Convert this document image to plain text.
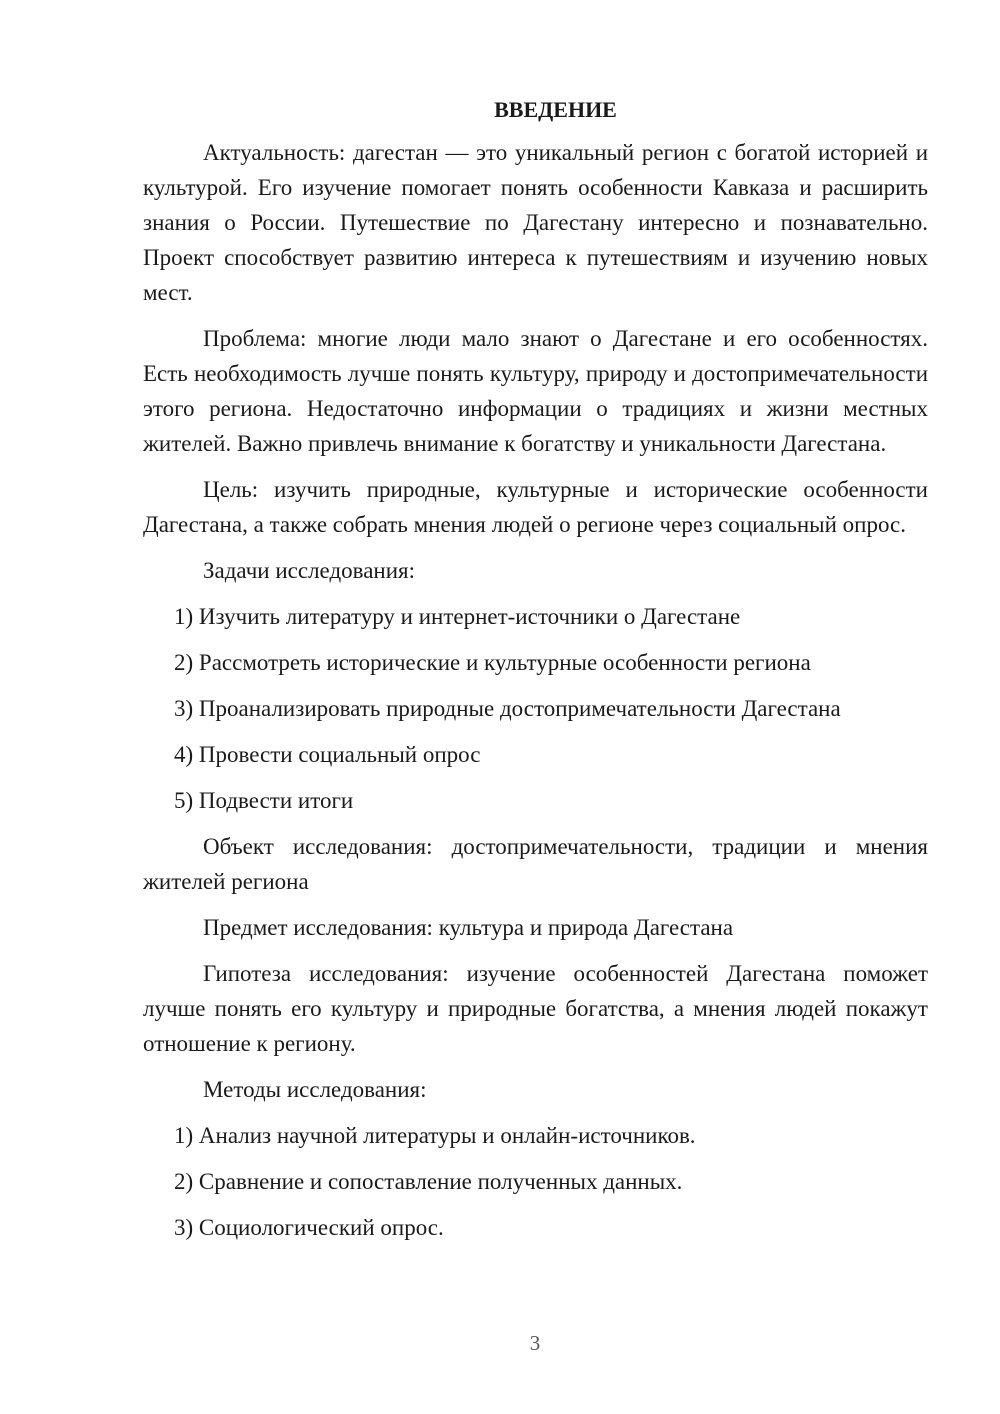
ВВЕДЕНИЕ

Актуальность: дагестан — это уникальный регион с богатой историей и культурой. Его изучение помогает понять особенности Кавказа и расширить знания о России. Путешествие по Дагестану интересно и познавательно. Проект способствует развитию интереса к путешествиям и изучению новых мест.

Проблема: многие люди мало знают о Дагестане и его особенностях. Есть необходимость лучше понять культуру, природу и достопримечательности этого региона. Недостаточно информации о традициях и жизни местных жителей. Важно привлечь внимание к богатству и уникальности Дагестана.

Цель: изучить природные, культурные и исторические особенности Дагестана, а также собрать мнения людей о регионе через социальный опрос.

Задачи исследования:

1) Изучить литературу и интернет-источники о Дагестане
2) Рассмотреть исторические и культурные особенности региона
3) Проанализировать природные достопримечательности Дагестана
4) Провести социальный опрос
5) Подвести итоги

Объект исследования: достопримечательности, традиции и мнения жителей региона

Предмет исследования: культура и природа Дагестана

Гипотеза исследования: изучение особенностей Дагестана поможет лучше понять его культуру и природные богатства, а мнения людей покажут отношение к региону.

Методы исследования:

1) Анализ научной литературы и онлайн-источников.
2) Сравнение и сопоставление полученных данных.
3) Социологический опрос.
3
